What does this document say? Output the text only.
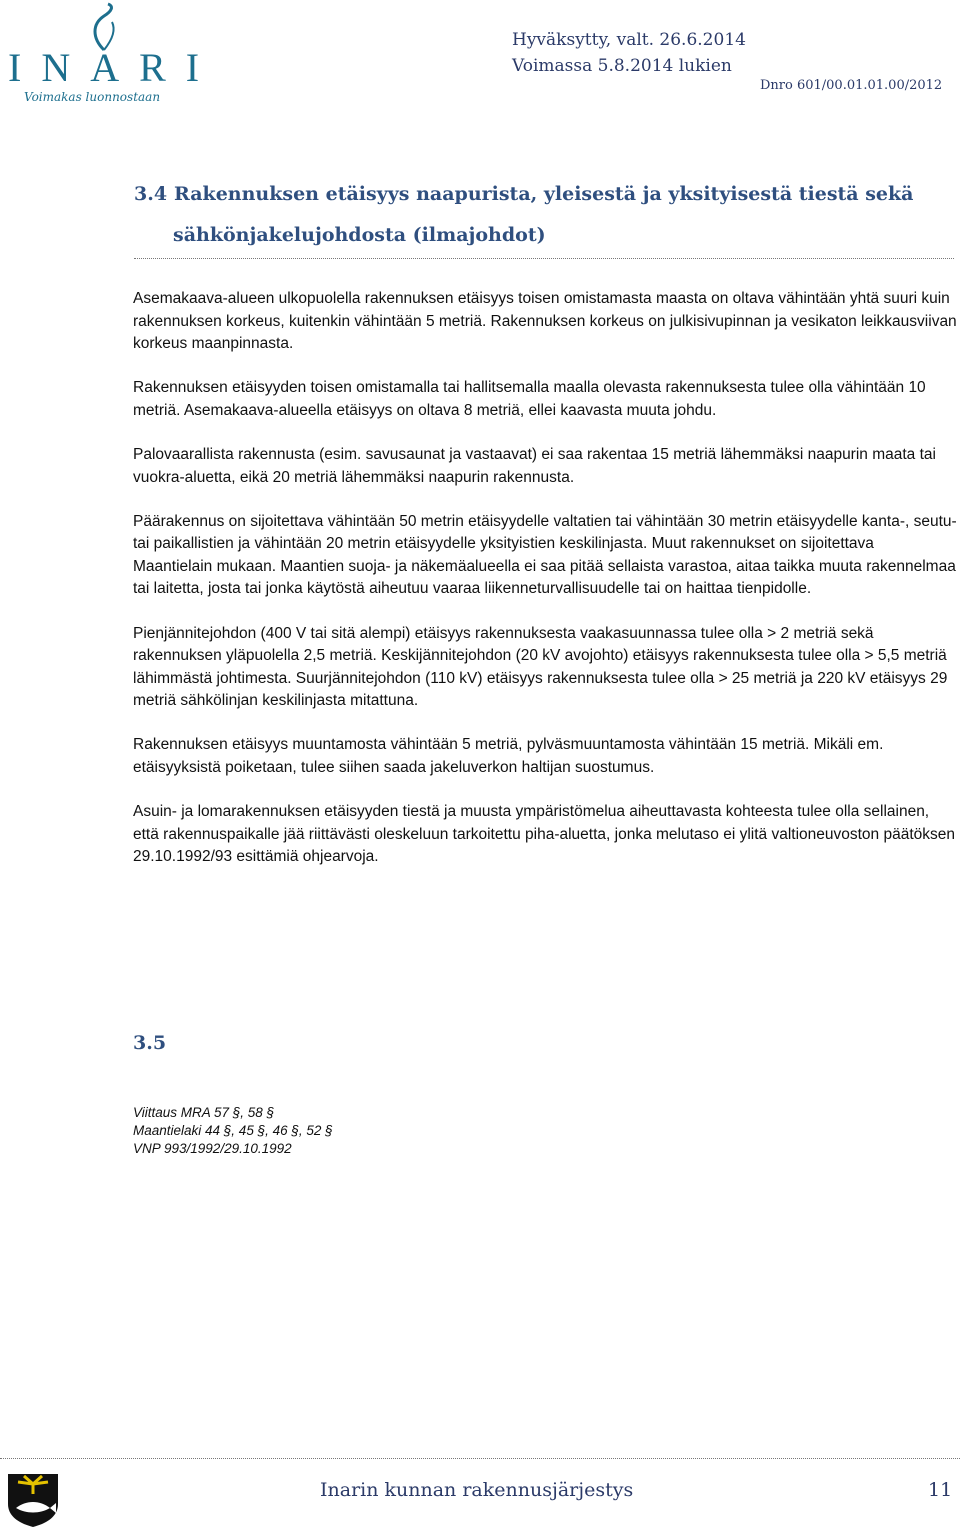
INARI
Voimakas luonnostaan
Hyväksytty, valt. 26.6.2014
Voimassa 5.8.2014 lukien
Dnro 601/00.01.01.00/2012
3.4 Rakennuksen etäisyys naapurista, yleisestä ja yksityisestä tiestä sekä
sähkönjakelujohdosta (ilmajohdot)

Asemakaava-alueen ulkopuolella rakennuksen etäisyys toisen omistamasta maasta on oltava vähintään yhtä suuri kuin rakennuksen korkeus, kuitenkin vähintään 5 metriä. Rakennuksen korkeus on julkisivupinnan ja vesikaton leikkausviivan korkeus maanpinnasta.

Rakennuksen etäisyyden toisen omistamalla tai hallitsemalla maalla olevasta rakennuksesta tulee olla vähintään 10 metriä. Asemakaava-alueella etäisyys on oltava 8 metriä, ellei kaavasta muuta johdu.

Palovaarallista rakennusta (esim. savusaunat ja vastaavat) ei saa rakentaa 15 metriä lähemmäksi naapurin maata tai vuokra-aluetta, eikä 20 metriä lähemmäksi naapurin rakennusta.

Päärakennus on sijoitettava vähintään 50 metrin etäisyydelle valtatien tai vähintään 30 metrin etäisyydelle kanta-, seutu- tai paikallistien ja vähintään 20 metrin etäisyydelle yksityistien keskilinjasta. Muut rakennukset on sijoitettava Maantielain mukaan. Maantien suoja- ja näkemäalueella ei saa pitää sellaista varastoa, aitaa taikka muuta rakennelmaa tai laitetta, josta tai jonka käytöstä aiheutuu vaaraa liikenneturvallisuudelle tai on haittaa tienpidolle.

Pienjännitejohdon (400 V tai sitä alempi) etäisyys rakennuksesta vaakasuunnassa tulee olla > 2 metriä sekä rakennuksen yläpuolella 2,5 metriä. Keskijännitejohdon (20 kV avojohto) etäisyys rakennuksesta tulee olla > 5,5 metriä lähimmästä johtimesta. Suurjännitejohdon (110 kV) etäisyys rakennuksesta tulee olla > 25 metriä ja 220 kV etäisyys 29 metriä sähkölinjan keskilinjasta mitattuna.

Rakennuksen etäisyys muuntamosta vähintään 5 metriä, pylväsmuuntamosta vähintään 15 metriä. Mikäli em. etäisyyksistä poiketaan, tulee siihen saada jakeluverkon haltijan suostumus.

Asuin- ja lomarakennuksen etäisyyden tiestä ja muusta ympäristömelua aiheuttavasta kohteesta tulee olla sellainen, että rakennuspaikalle jää riittävästi oleskeluun tarkoitettu piha-aluetta, jonka melutaso ei ylitä valtioneuvoston päätöksen 29.10.1992/93 esittämiä ohjearvoja.

3.5
Viittaus MRA 57 §, 58 §
Maantielaki 44 §, 45 §, 46 §, 52 §
VNP 993/1992/29.10.1992
Inarin kunnan rakennusjärjestys	11
